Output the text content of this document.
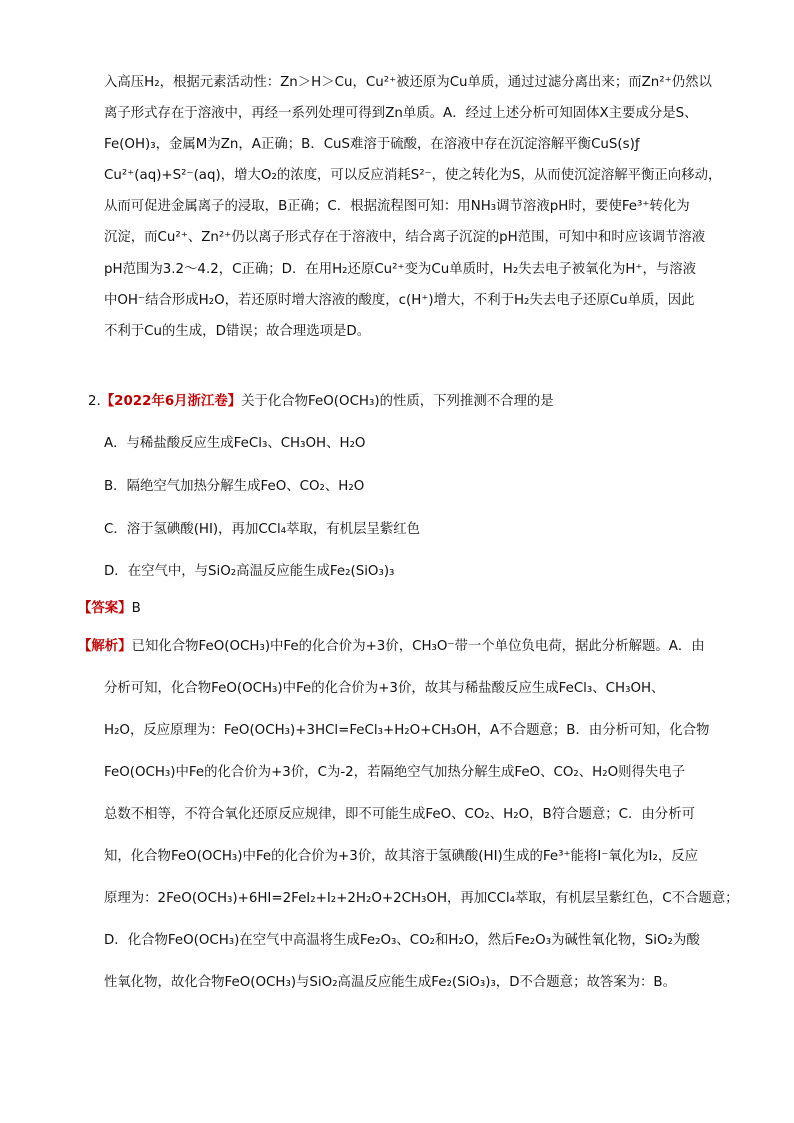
入高压H₂，根据元素活动性：Zn＞H＞Cu，Cu²⁺被还原为Cu单质，通过过滤分离出来；而Zn²⁺仍然以
离子形式存在于溶液中，再经一系列处理可得到Zn单质。A．经过上述分析可知固体X主要成分是S、
Fe(OH)₃，金属M为Zn，A正确；B．CuS难溶于硫酸，在溶液中存在沉淀溶解平衡CuS(s)ƒ
Cu²⁺(aq)+S²⁻(aq)，增大O₂的浓度，可以反应消耗S²⁻，使之转化为S，从而使沉淀溶解平衡正向移动，
从而可促进金属离子的浸取，B正确；C．根据流程图可知：用NH₃调节溶液pH时，要使Fe³⁺转化为
沉淀，而Cu²⁺、Zn²⁺仍以离子形式存在于溶液中，结合离子沉淀的pH范围，可知中和时应该调节溶液
pH范围为3.2～4.2，C正确；D．在用H₂还原Cu²⁺变为Cu单质时，H₂失去电子被氧化为H⁺，与溶液
中OH⁻结合形成H₂O，若还原时增大溶液的酸度，c(H⁺)增大，不利于H₂失去电子还原Cu单质，因此
不利于Cu的生成，D错误；故合理选项是D。
2.【2022年6月浙江卷】关于化合物FeO(OCH₃)的性质，下列推测不合理的是
A．与稀盐酸反应生成FeCl₃、CH₃OH、H₂O
B．隔绝空气加热分解生成FeO、CO₂、H₂O
C．溶于氢碘酸(HI)，再加CCl₄萃取，有机层呈紫红色
D．在空气中，与SiO₂高温反应能生成Fe₂(SiO₃)₃
【答案】B
【解析】已知化合物FeO(OCH₃)中Fe的化合价为+3价，CH₃O⁻带一个单位负电荷，据此分析解题。A．由
分析可知，化合物FeO(OCH₃)中Fe的化合价为+3价，故其与稀盐酸反应生成FeCl₃、CH₃OH、
H₂O，反应原理为：FeO(OCH₃)+3HCl=FeCl₃+H₂O+CH₃OH，A不合题意；B．由分析可知，化合物
FeO(OCH₃)中Fe的化合价为+3价，C为-2，若隔绝空气加热分解生成FeO、CO₂、H₂O则得失电子
总数不相等，不符合氧化还原反应规律，即不可能生成FeO、CO₂、H₂O，B符合题意；C．由分析可
知，化合物FeO(OCH₃)中Fe的化合价为+3价，故其溶于氢碘酸(HI)生成的Fe³⁺能将I⁻氧化为I₂，反应
原理为：2FeO(OCH₃)+6HI=2FeI₂+I₂+2H₂O+2CH₃OH，再加CCl₄萃取，有机层呈紫红色，C不合题意；
D．化合物FeO(OCH₃)在空气中高温将生成Fe₂O₃、CO₂和H₂O，然后Fe₂O₃为碱性氧化物，SiO₂为酸
性氧化物，故化合物FeO(OCH₃)与SiO₂高温反应能生成Fe₂(SiO₃)₃，D不合题意；故答案为：B。
